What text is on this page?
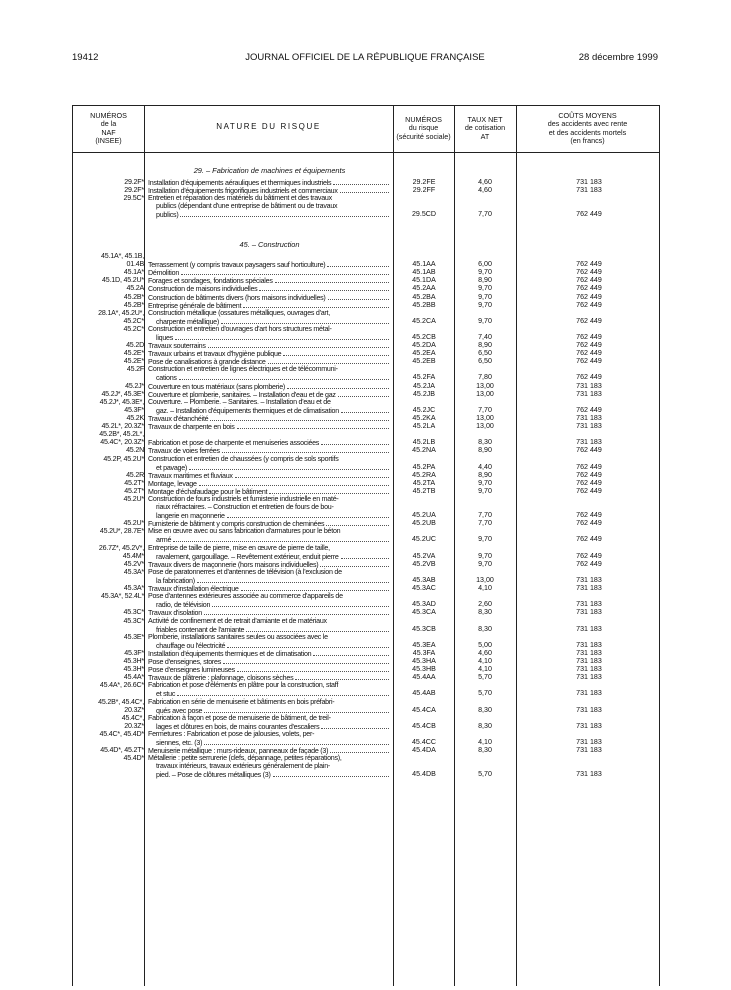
19412	JOURNAL OFFICIEL DE LA RÉPUBLIQUE FRANÇAISE	28 décembre 1999
NUMÉROS
de la
NAF
(INSEE)
NATURE DU RISQUE
NUMÉROS
du risque
(sécurité sociale)
TAUX NET
de cotisation
AT
COÛTS MOYENS
des accidents avec rente
et des accidents mortels
(en francs)
29. – Fabrication de machines et équipements
45. – Construction
29.2F* Installation d'équipements aérauliques et thermiques industriels	29.2FE	4,60	731 183
29.2F* Installation d'équipements frigorifiques industriels et commerciaux	29.2FF	4,60	731 183
29.5C* Entretien et réparation des matériels du bâtiment et des travaux
publics (dépendant d'une entreprise de bâtiment ou de travaux
publics)	29.5CD	7,70	762 449
45.1A*, 45.1B,
01.4B Terrassement (y compris travaux paysagers sauf horticulture)	45.1AA	6,00	762 449
45.1A* Démolition	45.1AB	9,70	762 449
45.1D, 45.2U* Forages et sondages, fondations spéciales	45.1DA	8,90	762 449
45.2A Construction de maisons individuelles	45.2AA	9,70	762 449
45.2B* Construction de bâtiments divers (hors maisons individuelles)	45.2BA	9,70	762 449
45.2B* Entreprise générale de bâtiment	45.2BB	9,70	762 449
28.1A*, 45.2U*,
45.2C*
Construction métallique (ossatures métalliques, ouvrages d'art,
charpente métallique)	45.2CA	9,70	762 449
45.2C* Construction et entretien d'ouvrages d'art hors structures métal-
liques	45.2CB	7,40	762 449
45.2D Travaux souterrains	45.2DA	8,90	762 449
45.2E* Travaux urbains et travaux d'hygiène publique	45.2EA	6,50	762 449
45.2E* Pose de canalisations à grande distance	45.2EB	6,50	762 449
45.2F Construction et entretien de lignes électriques et de télécommuni-
cations	45.2FA	7,80	762 449
45.2J* Couverture en tous matériaux (sans plomberie)	45.2JA	13,00	731 183
45.2J*, 45.3E* Couverture et plomberie, sanitaires. – Installation d'eau et de gaz	45.2JB	13,00	731 183
45.2J*, 45.3E*,
45.3F*
Couverture. – Plomberie. – Sanitaires. – Installation d'eau et de
gaz. – Installation d'équipements thermiques et de climatisation	45.2JC	7,70	762 449
45.2K Travaux d'étanchéité	45.2KA	13,00	731 183
45.2L*, 20.3Z* Travaux de charpente en bois	45.2LA	13,00	731 183
45.2B*, 45.2L*,
45.4C*, 20.3Z* Fabrication et pose de charpente et menuiseries associées	45.2LB	8,30	731 183
45.2N Travaux de voies ferrées	45.2NA	8,90	762 449
45.2P, 45.2U* Construction et entretien de chaussées (y compris de sols sportifs
et pavage)	45.2PA	4,40	762 449
45.2R Travaux maritimes et fluviaux	45.2RA	8,90	762 449
45.2T* Montage, levage	45.2TA	9,70	762 449
45.2T* Montage d'échafaudage pour le bâtiment	45.2TB	9,70	762 449
45.2U* Construction de fours industriels et fumisterie industrielle en maté-
riaux réfractaires. – Construction et entretien de fours de bou-
langerie en maçonnerie	45.2UA	7,70	762 449
45.2U* Fumisterie de bâtiment y compris construction de cheminées	45.2UB	7,70	762 449
45.2U*, 28.7E* Mise en œuvre avec ou sans fabrication d'armatures pour le béton
armé	45.2UC	9,70	762 449
26.7Z*, 45.2V*,
45.4M*
Entreprise de taille de pierre, mise en œuvre de pierre de taille,
ravalement, gargouillage. – Revêtement extérieur, enduit pierre	45.2VA	9,70	762 449
45.2V* Travaux divers de maçonnerie (hors maisons individuelles)	45.2VB	9,70	762 449
45.3A* Pose de paratonnerres et d'antennes de télévision (à l'exclusion de
la fabrication)	45.3AB	13,00	731 183
45.3A* Travaux d'installation électrique	45.3AC	4,10	731 183
45.3A*, 52.4L* Pose d'antennes extérieures associée au commerce d'appareils de
radio, de télévision	45.3AD	2,60	731 183
45.3C* Travaux d'isolation	45.3CA	8,30	731 183
45.3C* Activité de confinement et de retrait d'amiante et de matériaux
friables contenant de l'amiante	45.3CB	8,30	731 183
45.3E* Plomberie, installations sanitaires seules ou associées avec le
chauffage ou l'électricité	45.3EA	5,00	731 183
45.3F* Installation d'équipements thermiques et de climatisation	45.3FA	4,60	731 183
45.3H* Pose d'enseignes, stores	45.3HA	4,10	731 183
45.3H* Pose d'enseignes lumineuses	45.3HB	4,10	731 183
45.4A* Travaux de plâtrerie : plafonnage, cloisons sèches	45.4AA	5,70	731 183
45.4A*, 26.6C* Fabrication et pose d'éléments en plâtre pour la construction, staff
et stuc	45.4AB	5,70	731 183
45.2B*, 45.4C*,
20.3Z*
Fabrication en série de menuiserie et bâtiments en bois préfabri-
qués avec pose	45.4CA	8,30	731 183
45.4C*,
20.3Z*
Fabrication à façon et pose de menuiserie de bâtiment, de treil-
lages et clôtures en bois, de mains courantes d'escaliers	45.4CB	8,30	731 183
45.4C*, 45.4D* Fermetures : Fabrication et pose de jalousies, volets, per-
siennes, etc. (3)	45.4CC	4,10	731 183
45.4D*, 45.2T* Menuiserie métallique : murs-rideaux, panneaux de façade (3)	45.4DA	8,30	731 183
45.4D* Métallerie : petite serrurerie (clefs, dépannage, petites réparations),
travaux intérieurs, travaux extérieurs généralement de plain-
pied. – Pose de clôtures métalliques (3)	45.4DB	5,70	731 183
